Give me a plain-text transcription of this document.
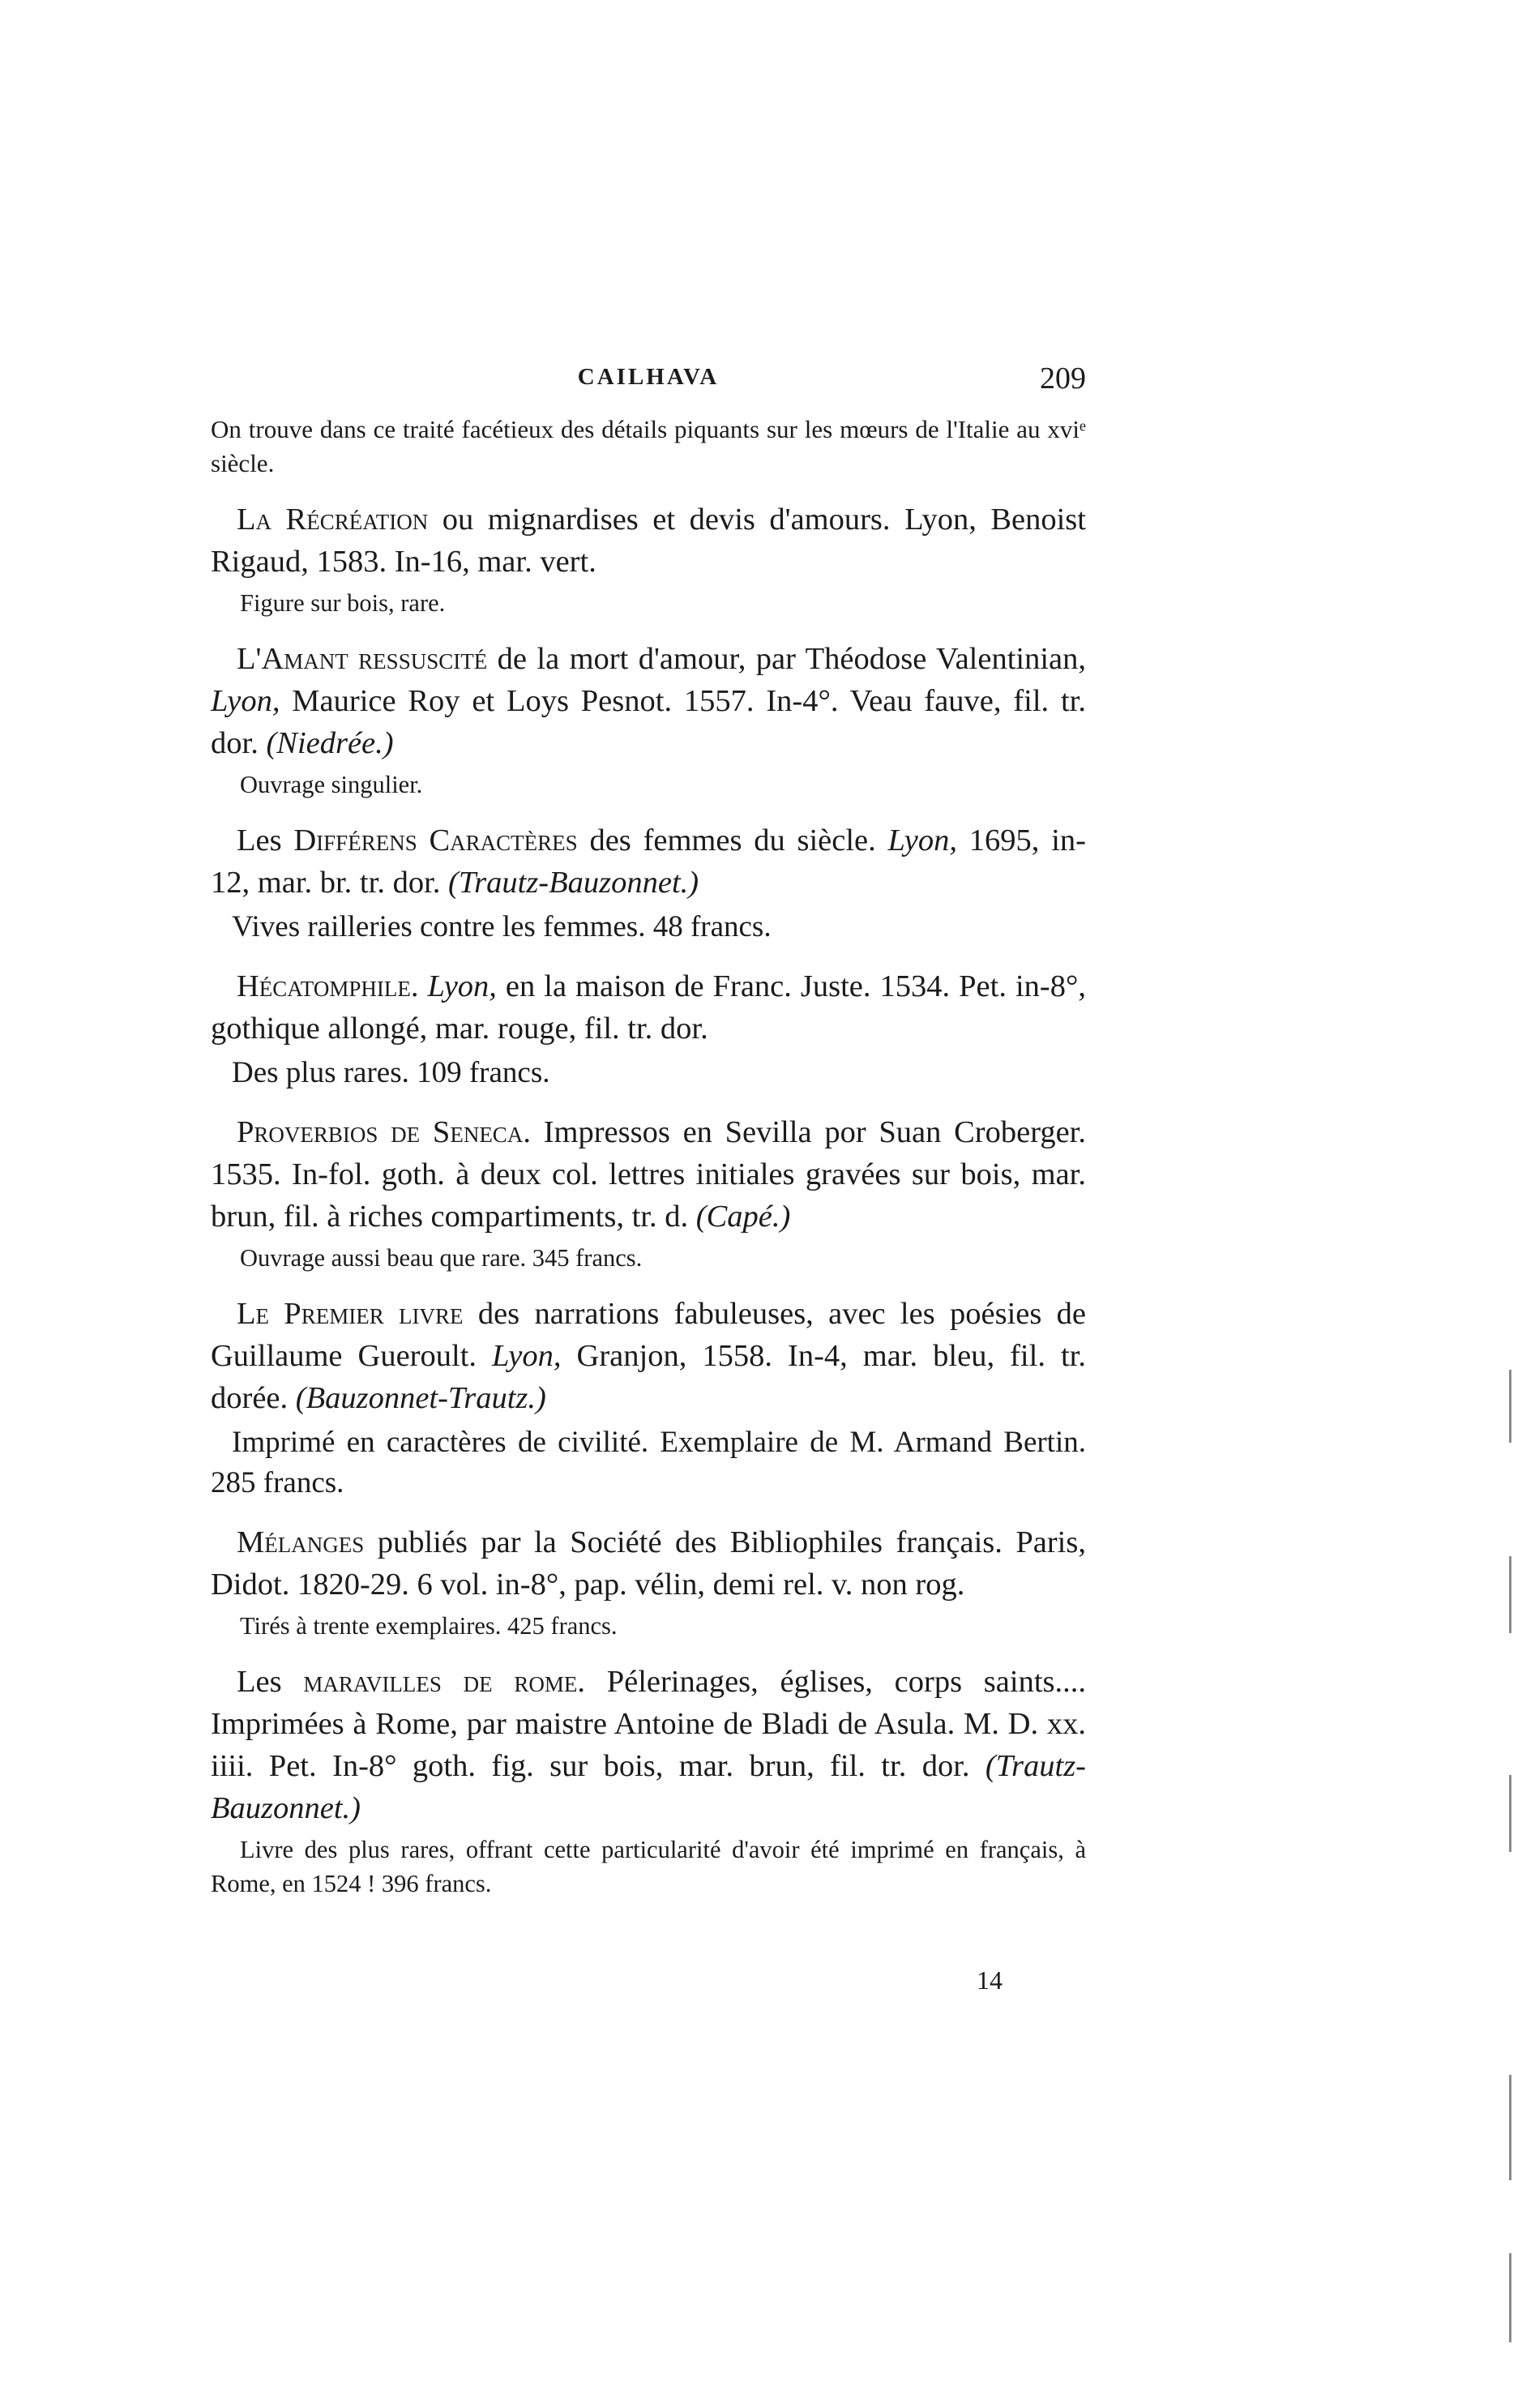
CAILHAVA	209

On trouve dans ce traité facétieux des détails piquants sur les mœurs de l'Italie au xviᵉ siècle.

La Récréation ou mignardises et devis d'amours. Lyon, Benoist Rigaud, 1583. In-16, mar. vert.

Figure sur bois, rare.

L'Amant ressuscité de la mort d'amour, par Théodose Valentinian, Lyon, Maurice Roy et Loys Pesnot. 1557. In-4°. Veau fauve, fil. tr. dor. (Niedrée.)

Ouvrage singulier.

Les Différens Caractères des femmes du siècle. Lyon, 1695, in-12, mar. br. tr. dor. (Trautz-Bauzonnet.)

Vives railleries contre les femmes. 48 francs.

Hécatomphile. Lyon, en la maison de Franc. Juste. 1534. Pet. in-8°, gothique allongé, mar. rouge, fil. tr. dor.

Des plus rares. 109 francs.

Proverbios de Seneca. Impressos en Sevilla por Suan Croberger. 1535. In-fol. goth. à deux col. lettres initiales gravées sur bois, mar. brun, fil. à riches compartiments, tr. d. (Capé.)

Ouvrage aussi beau que rare. 345 francs.

Le Premier livre des narrations fabuleuses, avec les poésies de Guillaume Gueroult. Lyon, Granjon, 1558. In-4, mar. bleu, fil. tr. dorée. (Bauzonnet-Trautz.)

Imprimé en caractères de civilité. Exemplaire de M. Armand Bertin. 285 francs.

Mélanges publiés par la Société des Bibliophiles français. Paris, Didot. 1820-29. 6 vol. in-8°, pap. vélin, demi rel. v. non rog.

Tirés à trente exemplaires. 425 francs.

Les maravilles de rome. Pélerinages, églises, corps saints.... Imprimées à Rome, par maistre Antoine de Bladi de Asula. M. D. xx. iiii. Pet. In-8° goth. fig. sur bois, mar. brun, fil. tr. dor. (Trautz-Bauzonnet.)

Livre des plus rares, offrant cette particularité d'avoir été imprimé en français, à Rome, en 1524 ! 396 francs.

14
